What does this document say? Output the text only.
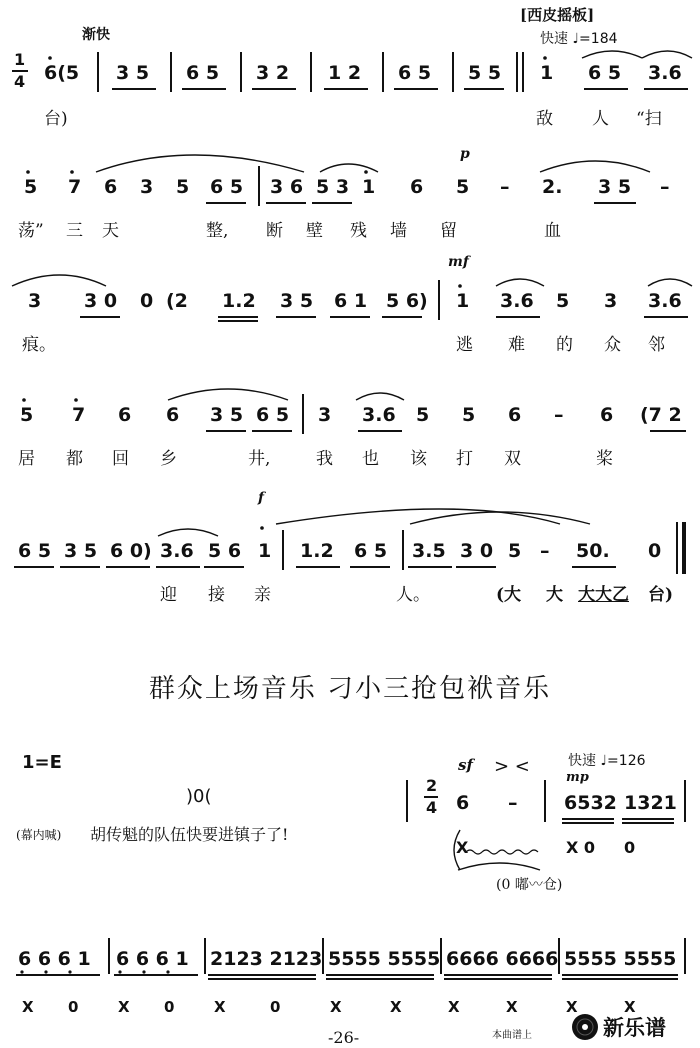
[西皮摇板]
渐快	快速 ♩=184
1
4 6(5 3 5 6 5 3 2 1 2 6 5 5 5 1 6 5 3.6
台)	敌 人 “扫
p
5 7 6 3 5 6 5 3 6 5 3 1 6 5 – 2. 3 5 –
荡” 三 天	整, 断 壁 残 墙 留	血
mf
3 3 0 0 (2 1.2 3 5 6 1 5 6) 1 3.6 5 3 3.6
痕。	逃 难 的 众 邻
5 7 6 6 3 5 6 5 3 3.6 5 5 6 – 6 (7 2
居 都 回 乡	井,	我 也 该 打 双	桨
f
6 5 3 5 6 0) 3.6 5 6 1 1.2 6 5 3.5 3 0 5 – 50. 0
迎 接 亲	人。	(大 大 大大乙 台)
群众上场音乐 刁小三抢包袱音乐
1=E
)0(
(幕内喊) 胡传魁的队伍快要进镇子了!
2
4
sf > <	快速 ♩=126
mp
6 – 6532 1321
X	X 0 0
(0 嘟〰仓)
6 6 6 1 6 6 6 1 2123 2123 5555 5555 6666 6666 5555 5555
X 0	X 0	X	0	X	X	X	X	X	X
-26-	本曲谱上	新乐谱
